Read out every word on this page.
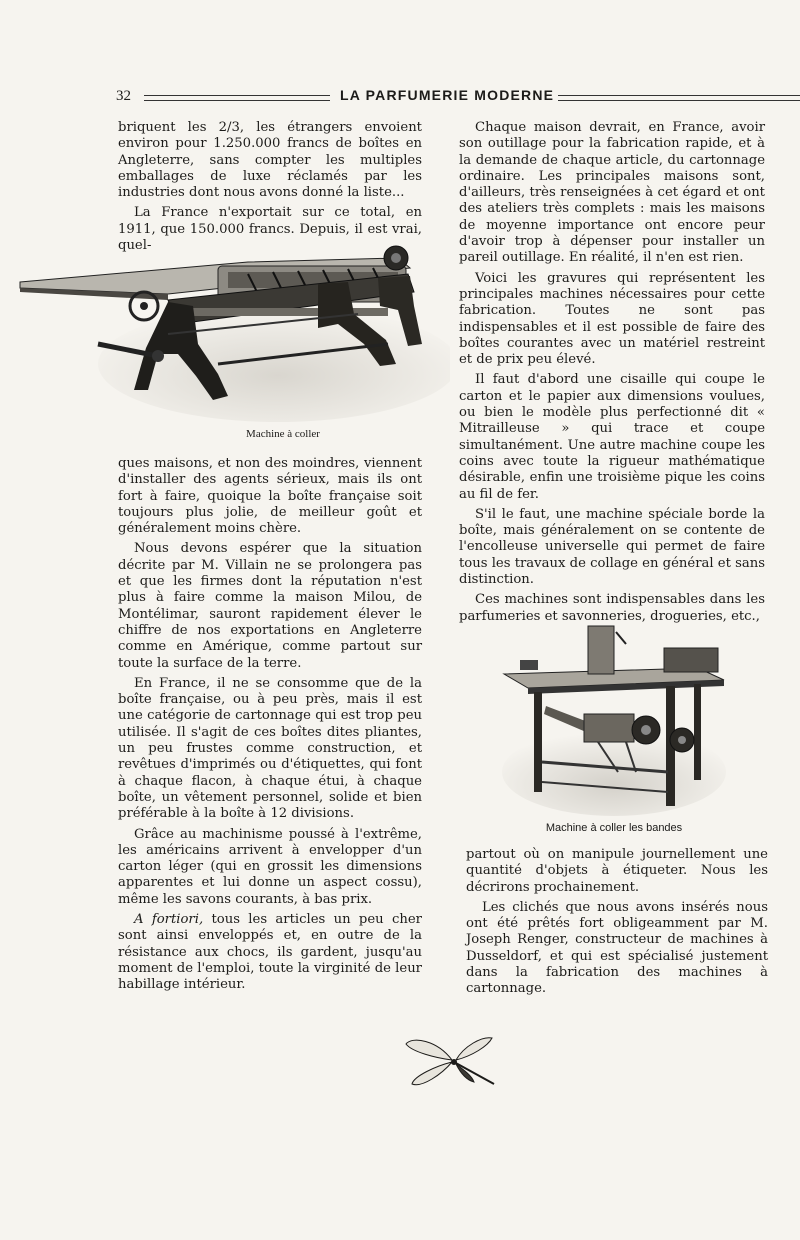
32	LA PARFUMERIE MODERNE

briquent les 2/3, les étrangers envoient environ pour 1.250.000 francs de boîtes en Angleterre, sans compter les multiples emballages de luxe réclamés par les industries dont nous avons donné la liste...

La France n'exportait sur ce total, en 1911, que 150.000 francs. Depuis, il est vrai, quel-

Machine à coller

ques maisons, et non des moindres, viennent d'installer des agents sérieux, mais ils ont fort à faire, quoique la boîte française soit toujours plus jolie, de meilleur goût et généralement moins chère.

Nous devons espérer que la situation décrite par M. Villain ne se prolongera pas et que les firmes dont la réputation n'est plus à faire comme la maison Milou, de Montélimar, sauront rapidement élever le chiffre de nos exportations en Angleterre comme en Amérique, comme partout sur toute la surface de la terre.

En France, il ne se consomme que de la boîte française, ou à peu près, mais il est une catégorie de cartonnage qui est trop peu utilisée. Il s'agit de ces boîtes dites pliantes, un peu frustes comme construction, et revêtues d'imprimés ou d'étiquettes, qui font à chaque flacon, à chaque étui, à chaque boîte, un vêtement personnel, solide et bien préférable à la boîte à 12 divisions.

Grâce au machinisme poussé à l'extrême, les américains arrivent à envelopper d'un carton léger (qui en grossit les dimensions apparentes et lui donne un aspect cossu), même les savons courants, à bas prix.

A fortiori, tous les articles un peu cher sont ainsi enveloppés et, en outre de la résistance aux chocs, ils gardent, jusqu'au moment de l'emploi, toute la virginité de leur habillage intérieur.

Chaque maison devrait, en France, avoir son outillage pour la fabrication rapide, et à la demande de chaque article, du cartonnage ordinaire. Les principales maisons sont, d'ailleurs, très renseignées à cet égard et ont des ateliers très complets : mais les maisons de moyenne importance ont encore peur d'avoir trop à dépenser pour installer un pareil outillage. En réalité, il n'en est rien.

Voici les gravures qui représentent les principales machines nécessaires pour cette fabrication. Toutes ne sont pas indispensables et il est possible de faire des boîtes courantes avec un matériel restreint et de prix peu élevé.

Il faut d'abord une cisaille qui coupe le carton et le papier aux dimensions voulues, ou bien le modèle plus perfectionné dit « Mitrailleuse » qui trace et coupe simultanément. Une autre machine coupe les coins avec toute la rigueur mathématique désirable, enfin une troisième pique les coins au fil de fer.

S'il le faut, une machine spéciale borde la boîte, mais généralement on se contente de l'encolleuse universelle qui permet de faire tous les travaux de collage en général et sans distinction.

Ces machines sont indispensables dans les parfumeries et savonneries, drogueries, etc.,

Machine à coller les bandes

partout où on manipule journellement une quantité d'objets à étiqueter. Nous les décrirons prochainement.

Les clichés que nous avons insérés nous ont été prêtés fort obligeamment par M. Joseph Renger, constructeur de machines à Dusseldorf, et qui est spécialisé justement dans la fabrication des machines à cartonnage.
